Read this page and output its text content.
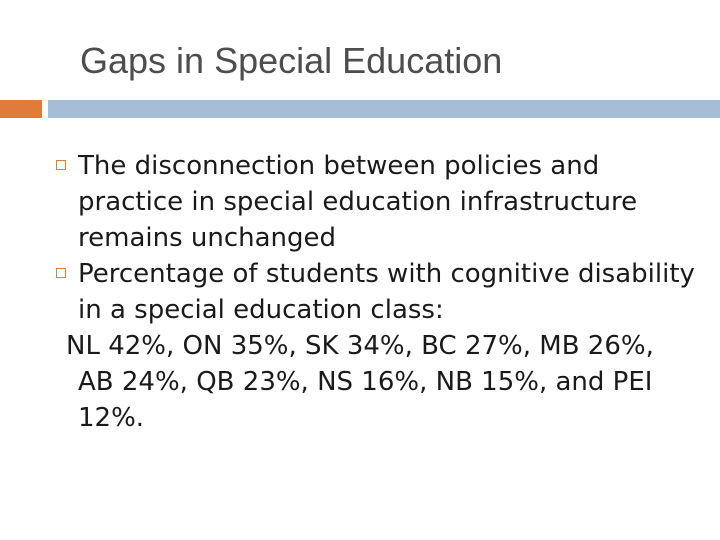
Gaps in Special Education
The disconnection between policies and practice in special education infrastructure remains unchanged
Percentage of students with cognitive disability in a special education class:
NL 42%, ON 35%, SK 34%, BC 27%, MB 26%, AB 24%, QB 23%, NS 16%, NB 15%, and PEI 12%.
